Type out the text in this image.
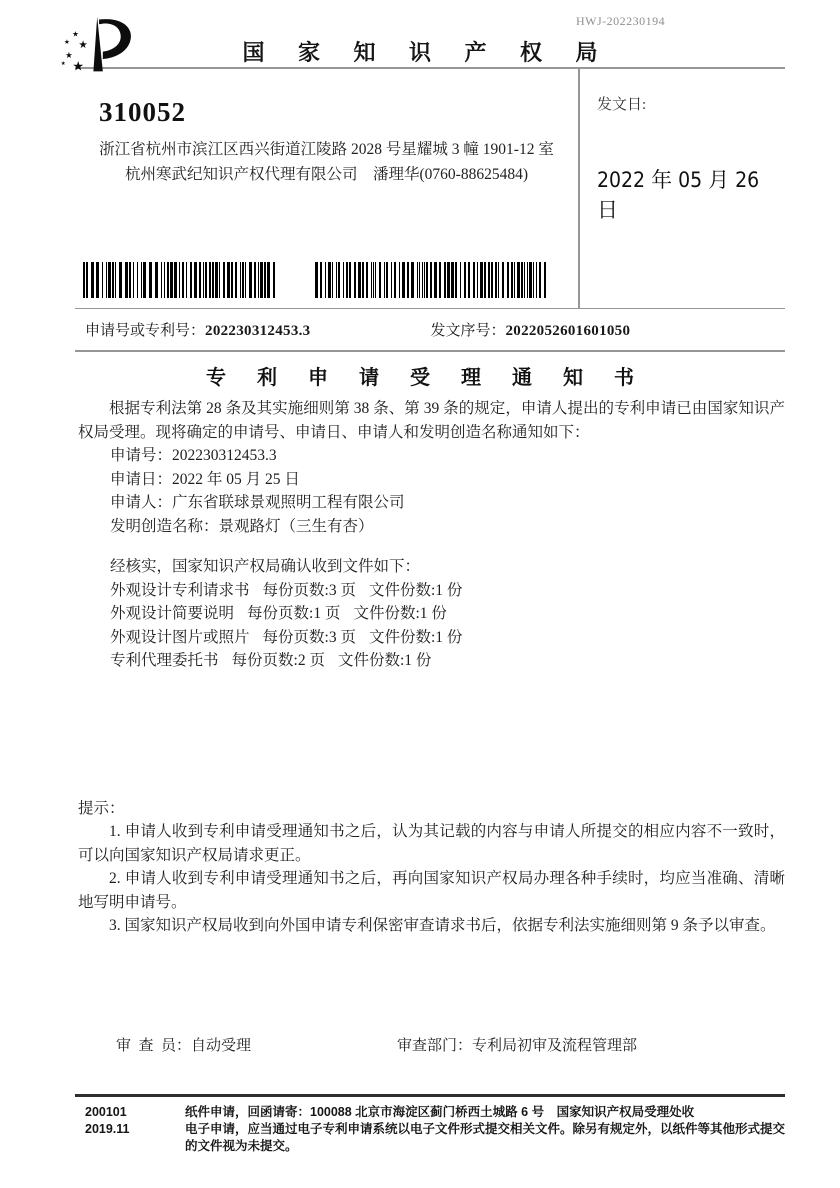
HWJ-202230194
★
★
★
★
★
★	国 家 知 识 产 权 局
310052
浙江省杭州市滨江区西兴街道江陵路 2028 号星耀城 3 幢 1901-12 室
杭州寒武纪知识产权代理有限公司　潘理华(0760-88625484)
发文日:
2022 年 05 月 26 日
申请号或专利号：202230312453.3	发文序号：2022052601601050
专 利 申 请 受 理 通 知 书

根据专利法第 28 条及其实施细则第 38 条、第 39 条的规定，申请人提出的专利申请已由国家知识产权局受理。现将确定的申请号、申请日、申请人和发明创造名称通知如下：

申请号：202230312453.3
申请日：2022 年 05 月 25 日
申请人：广东省联球景观照明工程有限公司
发明创造名称：景观路灯（三生有杏）

经核实，国家知识产权局确认收到文件如下：

外观设计专利请求书 每份页数:3 页 文件份数:1 份
外观设计简要说明 每份页数:1 页 文件份数:1 份
外观设计图片或照片 每份页数:3 页 文件份数:1 份
专利代理委托书 每份页数:2 页 文件份数:1 份
提示：
1. 申请人收到专利申请受理通知书之后，认为其记载的内容与申请人所提交的相应内容不一致时，可以向国家知识产权局请求更正。
2. 申请人收到专利申请受理通知书之后，再向国家知识产权局办理各种手续时，均应当准确、清晰地写明申请号。
3. 国家知识产权局收到向外国申请专利保密审查请求书后，依据专利法实施细则第 9 条予以审查。
审  查  员：自动受理	审查部门：专利局初审及流程管理部
200101	纸件申请，回函请寄：100088 北京市海淀区蓟门桥西土城路 6 号　国家知识产权局受理处收
2019.11	电子申请，应当通过电子专利申请系统以电子文件形式提交相关文件。除另有规定外，以纸件等其他形式提交的文件视为未提交。
